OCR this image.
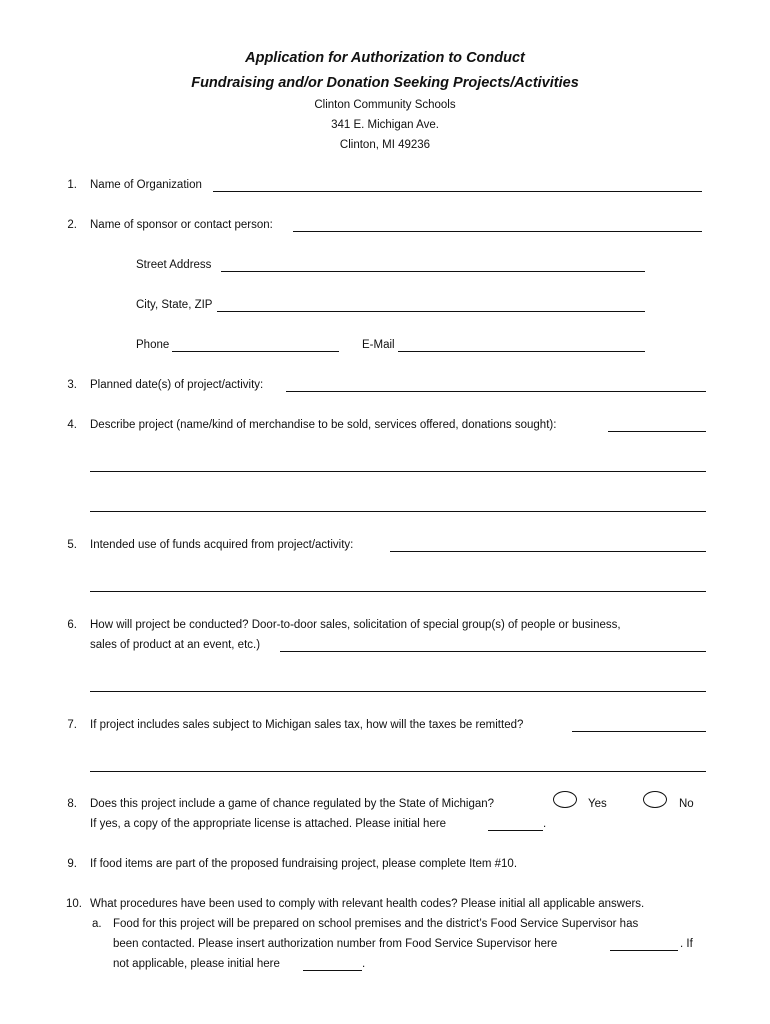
Application for Authorization to Conduct
Fundraising and/or Donation Seeking Projects/Activities
Clinton Community Schools
341 E. Michigan Ave.
Clinton, MI 49236
1. Name of Organization
2. Name of sponsor or contact person:
Street Address
City, State, ZIP
Phone	E-Mail
3. Planned date(s) of project/activity:
4. Describe project (name/kind of merchandise to be sold, services offered, donations sought):
5. Intended use of funds acquired from project/activity:
6. How will project be conducted? Door-to-door sales, solicitation of special group(s) of people or business,
sales of product at an event, etc.)
7. If project includes sales subject to Michigan sales tax, how will the taxes be remitted?
8. Does this project include a game of chance regulated by the State of Michigan?	Yes	No
If yes, a copy of the appropriate license is attached. Please initial here	.
9. If food items are part of the proposed fundraising project, please complete Item #10.
10. What procedures have been used to comply with relevant health codes? Please initial all applicable answers.
a. Food for this project will be prepared on school premises and the district’s Food Service Supervisor has
been contacted. Please insert authorization number from Food Service Supervisor here	. If
not applicable, please initial here	.
